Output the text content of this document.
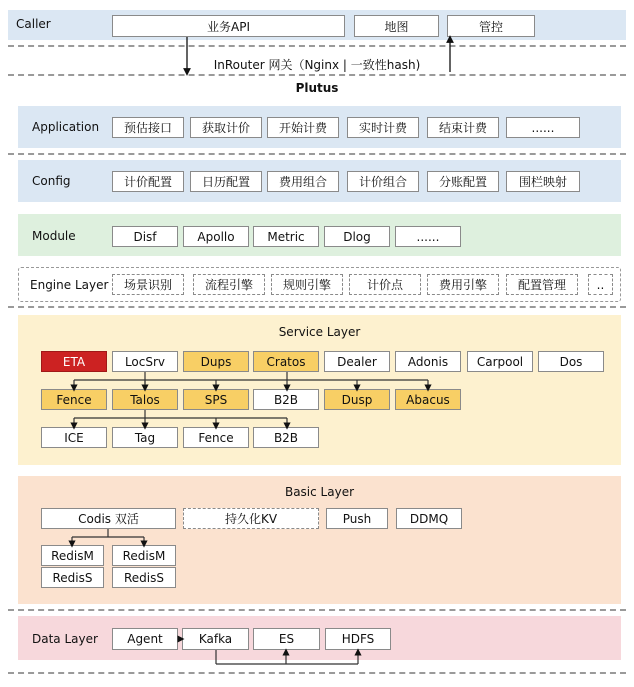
Caller	业务API	地图	管控
InRouter 网关（Nginx | 一致性hash)
Plutus
Application	预估接口	获取计价	开始计费	实时计费	结束计费	......
Config	计价配置	日历配置	费用组合	计价组合	分账配置	围栏映射
Module	Disf	Apollo	Metric	Dlog	......
Engine Layer	场景识别	流程引擎	规则引擎	计价点	费用引擎	配置管理	..
Service Layer
ETA	LocSrv	Dups	Cratos	Dealer	Adonis	Carpool	Dos
Fence	Talos	SPS	B2B	Dusp	Abacus
ICE	Tag	Fence	B2B
Basic Layer
Codis 双活	持久化KV	Push	DDMQ
RedisM	RedisM
RedisS	RedisS
Data Layer	Agent	Kafka	ES	HDFS
